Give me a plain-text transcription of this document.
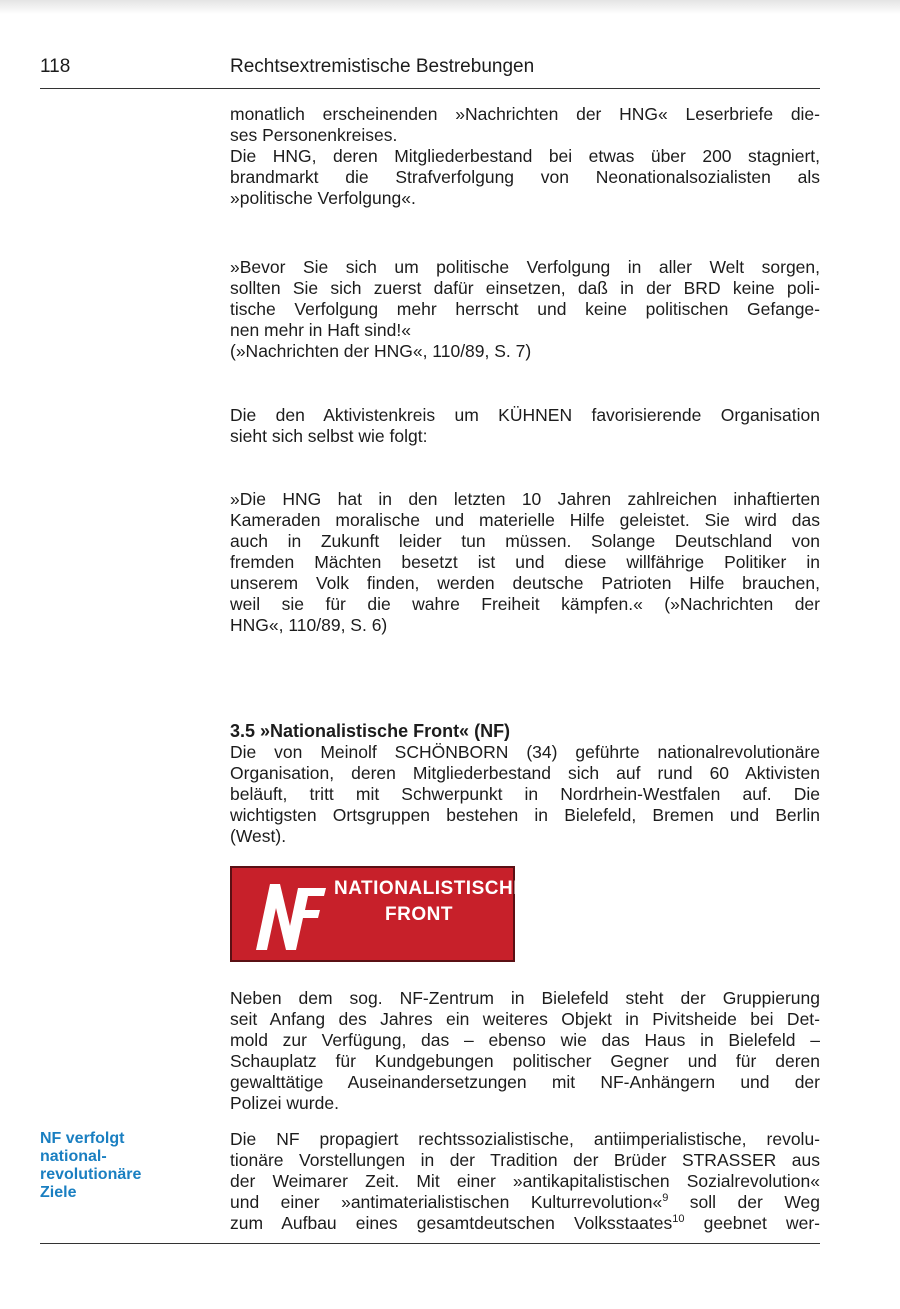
118	Rechtsextremistische Bestrebungen

monatlich erscheinenden »Nachrichten der HNG« Leserbriefe die-
ses Personenkreises.

Die HNG, deren Mitgliederbestand bei etwas über 200 stagniert,
brandmarkt die Strafverfolgung von Neonationalsozialisten als
»politische Verfolgung«.

»Bevor Sie sich um politische Verfolgung in aller Welt sorgen,
sollten Sie sich zuerst dafür einsetzen, daß in der BRD keine poli-
tische Verfolgung mehr herrscht und keine politischen Gefange-
nen mehr in Haft sind!«
(»Nachrichten der HNG«, 110/89, S. 7)

Die den Aktivistenkreis um KÜHNEN favorisierende Organisation
sieht sich selbst wie folgt:

»Die HNG hat in den letzten 10 Jahren zahlreichen inhaftierten
Kameraden moralische und materielle Hilfe geleistet. Sie wird das
auch in Zukunft leider tun müssen. Solange Deutschland von
fremden Mächten besetzt ist und diese willfährige Politiker in
unserem Volk finden, werden deutsche Patrioten Hilfe brauchen,
weil sie für die wahre Freiheit kämpfen.« (»Nachrichten der
HNG«, 110/89, S. 6)

3.5 »Nationalistische Front« (NF)

Die von Meinolf SCHÖNBORN (34) geführte nationalrevolutionäre
Organisation, deren Mitgliederbestand sich auf rund 60 Aktivisten
beläuft, tritt mit Schwerpunkt in Nordrhein-Westfalen auf. Die
wichtigsten Ortsgruppen bestehen in Bielefeld, Bremen und Berlin
(West).

NATIONALISTISCHE
FRONT

Neben dem sog. NF-Zentrum in Bielefeld steht der Gruppierung
seit Anfang des Jahres ein weiteres Objekt in Pivitsheide bei Det-
mold zur Verfügung, das – ebenso wie das Haus in Bielefeld –
Schauplatz für Kundgebungen politischer Gegner und für deren
gewalttätige Auseinandersetzungen mit NF-Anhängern und der
Polizei wurde.

Die NF propagiert rechtssozialistische, antiimperialistische, revolu-
tionäre Vorstellungen in der Tradition der Brüder STRASSER aus
der Weimarer Zeit. Mit einer »antikapitalistischen Sozialrevolution«
und einer »antimaterialistischen Kulturrevolution«$^9$ soll der Weg
zum Aufbau eines gesamtdeutschen Volksstaates$^{10}$ geebnet wer-

NF verfolgt
national-
revolutionäre
Ziele
